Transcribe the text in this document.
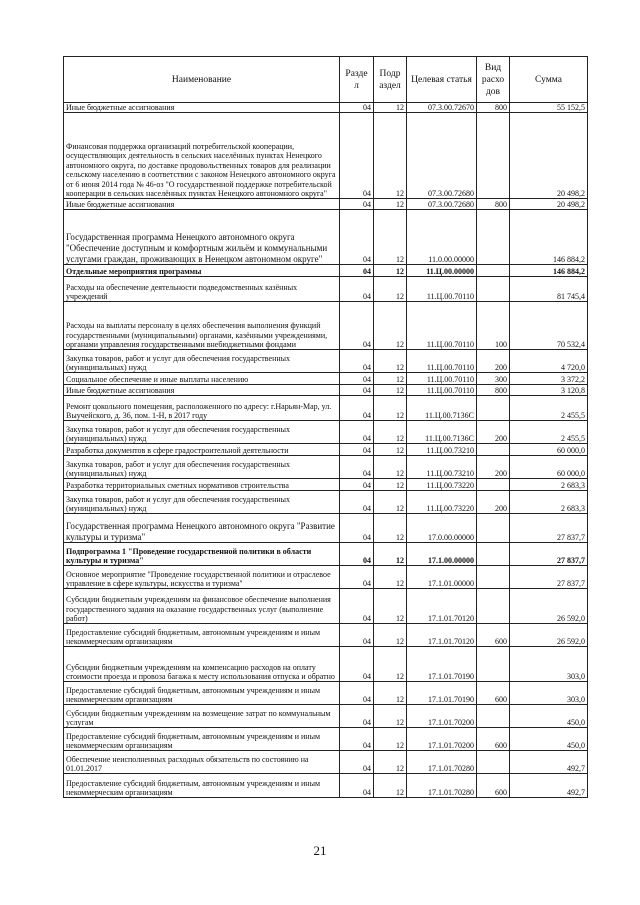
Наименование	Разде л	Подр аздел	Целевая статья	Вид расхо дов	Сумма
Иные бюджетные ассигнования	04	12	07.3.00.72670	800	55 152,5
Финансовая поддержка организаций потребительской кооперации, осуществляющих деятельность в сельских населённых пунктах Ненецкого автономного округа, по доставке продовольственных товаров для реализации сельскому населению в соответствии с законом Ненецкого автономного округа от 6 июня 2014 года № 46-оз "О государственной поддержке потребительской кооперации в сельских населённых пунктах Ненецкого автономного округа"	04	12	07.3.00.72680		20 498,2
Иные бюджетные ассигнования	04	12	07.3.00.72680	800	20 498,2
Государственная программа Ненецкого автономного округа "Обеспечение доступным и комфортным жильём и коммунальными услугами граждан, проживающих в Ненецком автономном округе"	04	12	11.0.00.00000		146 884,2
Отдельные мероприятия программы	04	12	11.Ц.00.00000		146 884,2
Расходы на обеспечение деятельности подведомственных казённых учреждений	04	12	11.Ц.00.70110		81 745,4
Расходы на выплаты персоналу в целях обеспечения выполнения функций государственными (муниципальными) органами, казёнными учреждениями, органами управления государственными внебюджетными фондами	04	12	11.Ц.00.70110	100	70 532,4
Закупка товаров, работ и услуг для обеспечения государственных (муниципальных) нужд	04	12	11.Ц.00.70110	200	4 720,0
Социальное обеспечение и иные выплаты населению	04	12	11.Ц.00.70110	300	3 372,2
Иные бюджетные ассигнования	04	12	11.Ц.00.70110	800	3 120,8
Ремонт цокольного помещения, расположенного по адресу: г.Нарьян-Мар, ул. Выучейского, д. 36, пом. 1-Н, в 2017 году	04	12	11.Ц.00.7136С		2 455,5
Закупка товаров, работ и услуг для обеспечения государственных (муниципальных) нужд	04	12	11.Ц.00.7136С	200	2 455,5
Разработка документов в сфере градостроительной деятельности	04	12	11.Ц.00.73210		60 000,0
Закупка товаров, работ и услуг для обеспечения государственных (муниципальных) нужд	04	12	11.Ц.00.73210	200	60 000,0
Разработка территориальных сметных нормативов строительства	04	12	11.Ц.00.73220		2 683,3
Закупка товаров, работ и услуг для обеспечения государственных (муниципальных) нужд	04	12	11.Ц.00.73220	200	2 683,3
Государственная программа Ненецкого автономного округа "Развитие культуры и туризма"	04	12	17.0.00.00000		27 837,7
Подпрограмма 1 "Проведение государственной политики в области культуры и туризма"	04	12	17.1.00.00000		27 837,7
Основное мероприятие "Проведение государственной политики и отраслевое управление в сфере культуры, искусства и туризма"	04	12	17.1.01.00000		27 837,7
Субсидии бюджетным учреждениям на финансовое обеспечение выполнения государственного задания на оказание государственных услуг (выполнение работ)	04	12	17.1.01.70120		26 592,0
Предоставление субсидий бюджетным, автономным учреждениям и иным некоммерческим организациям	04	12	17.1.01.70120	600	26 592,0
Субсидии бюджетным учреждениям на компенсацию расходов на оплату стоимости проезда и провоза багажа к месту использования отпуска и обратно	04	12	17.1.01.70190		303,0
Предоставление субсидий бюджетным, автономным учреждениям и иным некоммерческим организациям	04	12	17.1.01.70190	600	303,0
Субсидии бюджетным учреждениям на возмещение затрат по коммунальным услугам	04	12	17.1.01.70200		450,0
Предоставление субсидий бюджетным, автономным учреждениям и иным некоммерческим организациям	04	12	17.1.01.70200	600	450,0
Обеспечение неисполненных расходных обязательств по состоянию на 01.01.2017	04	12	17.1.01.70280		492,7
Предоставление субсидий бюджетным, автономным учреждениям и иным некоммерческим организациям	04	12	17.1.01.70280	600	492,7
21
